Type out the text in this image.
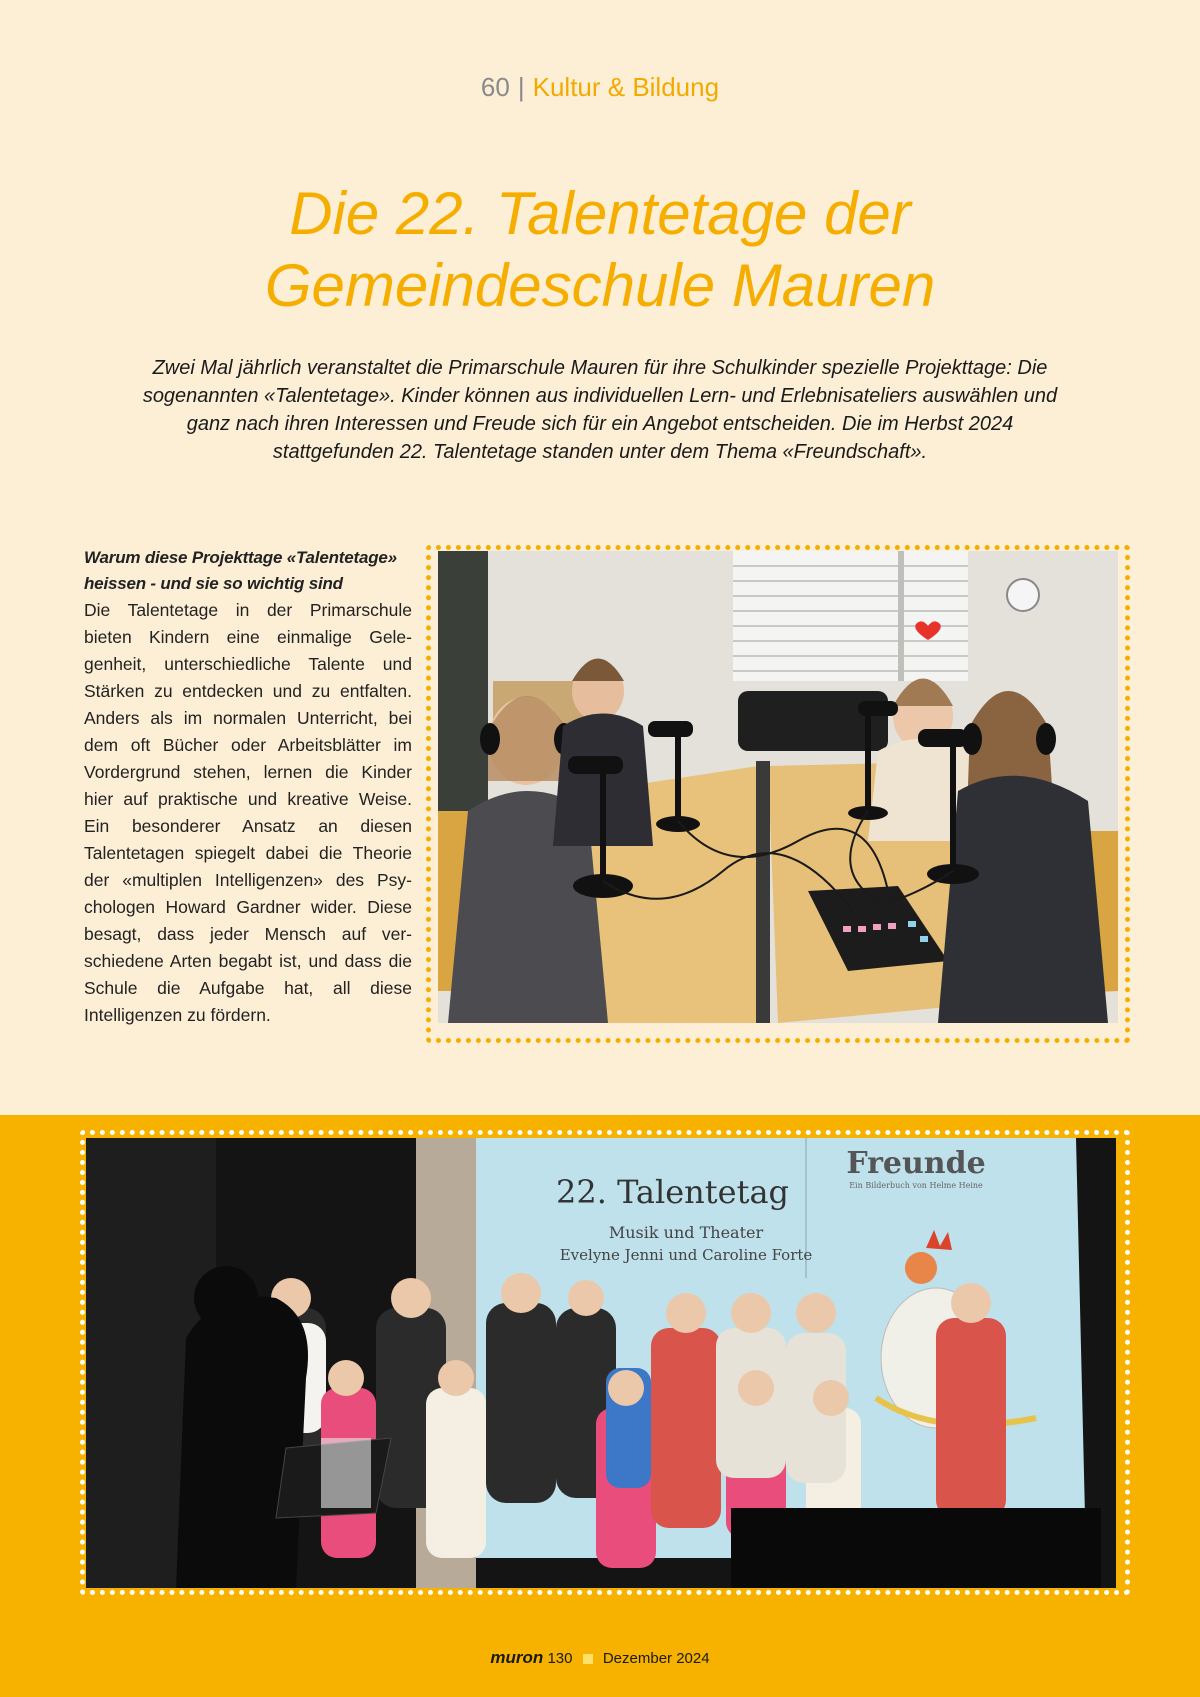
60 | Kultur & Bildung
Die 22. Talentetage der
Gemeindeschule Mauren

Zwei Mal jährlich veranstaltet die Primarschule Mauren für ihre Schulkinder spezielle Projekttage: Die sogenannten «Talentetage». Kinder können aus individuellen Lern- und Erlebnisateliers auswählen und ganz nach ihren Interessen und Freude sich für ein Angebot entscheiden. Die im Herbst 2024 stattgefunden 22. Talentetage standen unter dem Thema «Freundschaft».

Warum diese Projekttage «Talentetage»
heissen - und sie so wichtig sind

Die Talentetage in der Primarschule bieten Kindern eine einmalige Gelegenheit, unterschiedliche Talente und Stärken zu entdecken und zu entfalten. Anders als im normalen Unterricht, bei dem oft Bücher oder Arbeitsblätter im Vordergrund stehen, lernen die Kinder hier auf praktische und kreative Weise. Ein besonderer Ansatz an diesen Talentetagen spiegelt dabei die Theorie der «multiplen Intelligenzen» des Psychologen Howard Gardner wider. Diese besagt, dass jeder Mensch auf verschiedene Arten begabt ist, und dass die Schule die Aufgabe hat, all diese Intelligenzen zu fördern.

22. Talentetag
Musik und Theater
Evelyne Jenni und Caroline Forte
Freunde
Ein Bilderbuch von Helme Heine
muron 130 Dezember 2024
